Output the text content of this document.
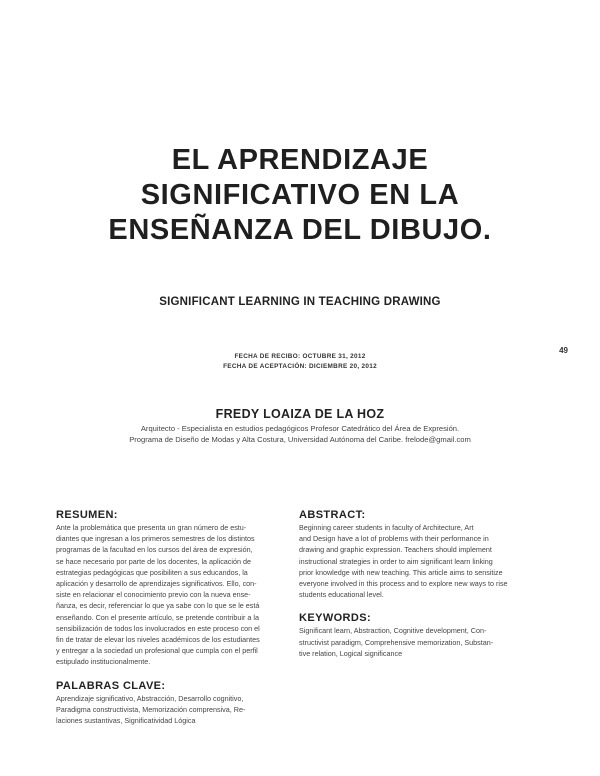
EL APRENDIZAJE
SIGNIFICATIVO EN LA
ENSEÑANZA DEL DIBUJO.
SIGNIFICANT LEARNING IN TEACHING DRAWING
49
FECHA DE RECIBO: OCTUBRE 31, 2012
FECHA DE ACEPTACIÓN: DICIEMBRE 20, 2012
FREDY LOAIZA DE LA HOZ
Arquitecto - Especialista en estudios pedagógicos Profesor Catedrático del Área de Expresión.
Programa de Diseño de Modas y Alta Costura, Universidad Autónoma del Caribe. frelode@gmail.com
RESUMEN:

Ante la problemática que presenta un gran número de estu-
diantes que ingresan a los primeros semestres de los distintos
programas de la facultad en los cursos del área de expresión,
se hace necesario por parte de los docentes, la aplicación de
estrategias pedagógicas que posibiliten a sus educandos, la
aplicación y desarrollo de aprendizajes significativos. Ello, con-
siste en relacionar el conocimiento previo con la nueva ense-
ñanza, es decir, referenciar lo que ya sabe con lo que se le está
enseñando. Con el presente artículo, se pretende contribuir a la
sensibilización de todos los involucrados en este proceso con el
fin de tratar de elevar los niveles académicos de los estudiantes
y entregar a la sociedad un profesional que cumpla con el perfil
estipulado institucionalmente.

PALABRAS CLAVE:

Aprendizaje significativo, Abstracción, Desarrollo cognitivo,
Paradigma constructivista, Memorización comprensiva, Re-
laciones sustantivas, Significatividad Lógica

ABSTRACT:

Beginning career students in faculty of Architecture, Art
and Design have a lot of problems with their performance in
drawing and graphic expression. Teachers should implement
instructional strategies in order to aim significant learn linking
prior knowledge with new teaching. This article aims to sensitize
everyone involved in this process and to explore new ways to rise
students educational level.

KEYWORDS:

Significant learn, Abstraction, Cognitive development, Con-
structivist paradigm, Comprehensive memorization, Substan-
tive relation, Logical significance
